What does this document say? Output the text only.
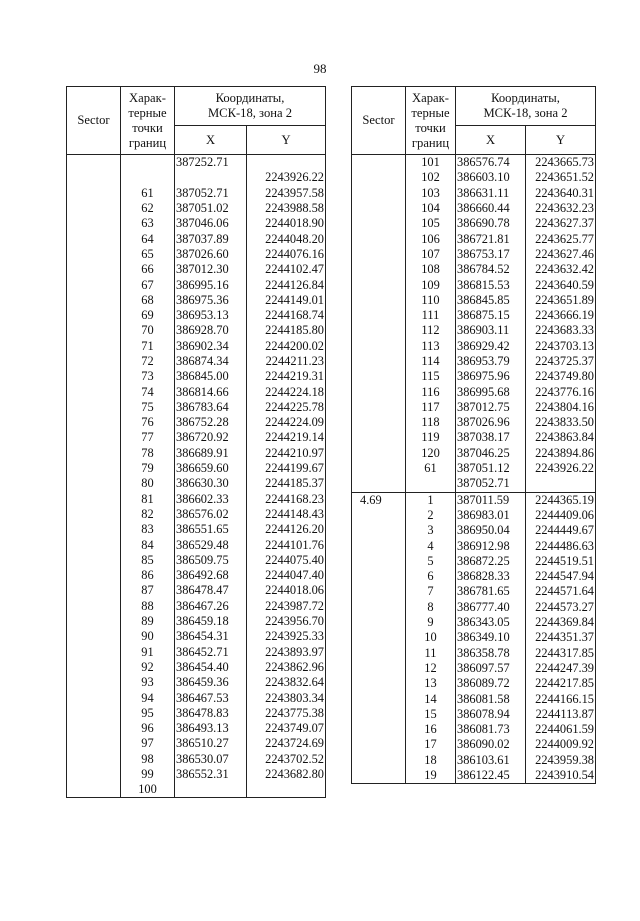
98
Sector	Харак-
терные
точки
границ	Координаты,
МСК-18, зона 2	
		X	Y
		387252.71	
			2243926.22
	61	387052.71	2243957.58
	62	387051.02	2243988.58
	63	387046.06	2244018.90
	64	387037.89	2244048.20
	65	387026.60	2244076.16
	66	387012.30	2244102.47
	67	386995.16	2244126.84
	68	386975.36	2244149.01
	69	386953.13	2244168.74
	70	386928.70	2244185.80
	71	386902.34	2244200.02
	72	386874.34	2244211.23
	73	386845.00	2244219.31
	74	386814.66	2244224.18
	75	386783.64	2244225.78
	76	386752.28	2244224.09
	77	386720.92	2244219.14
	78	386689.91	2244210.97
	79	386659.60	2244199.67
	80	386630.30	2244185.37
	81	386602.33	2244168.23
	82	386576.02	2244148.43
	83	386551.65	2244126.20
	84	386529.48	2244101.76
	85	386509.75	2244075.40
	86	386492.68	2244047.40
	87	386478.47	2244018.06
	88	386467.26	2243987.72
	89	386459.18	2243956.70
	90	386454.31	2243925.33
	91	386452.71	2243893.97
	92	386454.40	2243862.96
	93	386459.36	2243832.64
	94	386467.53	2243803.34
	95	386478.83	2243775.38
	96	386493.13	2243749.07
	97	386510.27	2243724.69
	98	386530.07	2243702.52
	99	386552.31	2243682.80
	100		
Sector	Харак-
терные
точки
границ	Координаты,
МСК-18, зона 2	
		X	Y
	101	386576.74	2243665.73
	102	386603.10	2243651.52
	103	386631.11	2243640.31
	104	386660.44	2243632.23
	105	386690.78	2243627.37
	106	386721.81	2243625.77
	107	386753.17	2243627.46
	108	386784.52	2243632.42
	109	386815.53	2243640.59
	110	386845.85	2243651.89
	111	386875.15	2243666.19
	112	386903.11	2243683.33
	113	386929.42	2243703.13
	114	386953.79	2243725.37
	115	386975.96	2243749.80
	116	386995.68	2243776.16
	117	387012.75	2243804.16
	118	387026.96	2243833.50
	119	387038.17	2243863.84
	120	387046.25	2243894.86
	61	387051.12	2243926.22
		387052.71	
4.69	1	387011.59	2244365.19
	2	386983.01	2244409.06
	3	386950.04	2244449.67
	4	386912.98	2244486.63
	5	386872.25	2244519.51
	6	386828.33	2244547.94
	7	386781.65	2244571.64
	8	386777.40	2244573.27
	9	386343.05	2244369.84
	10	386349.10	2244351.37
	11	386358.78	2244317.85
	12	386097.57	2244247.39
	13	386089.72	2244217.85
	14	386081.58	2244166.15
	15	386078.94	2244113.87
	16	386081.73	2244061.59
	17	386090.02	2244009.92
	18	386103.61	2243959.38
	19	386122.45	2243910.54
